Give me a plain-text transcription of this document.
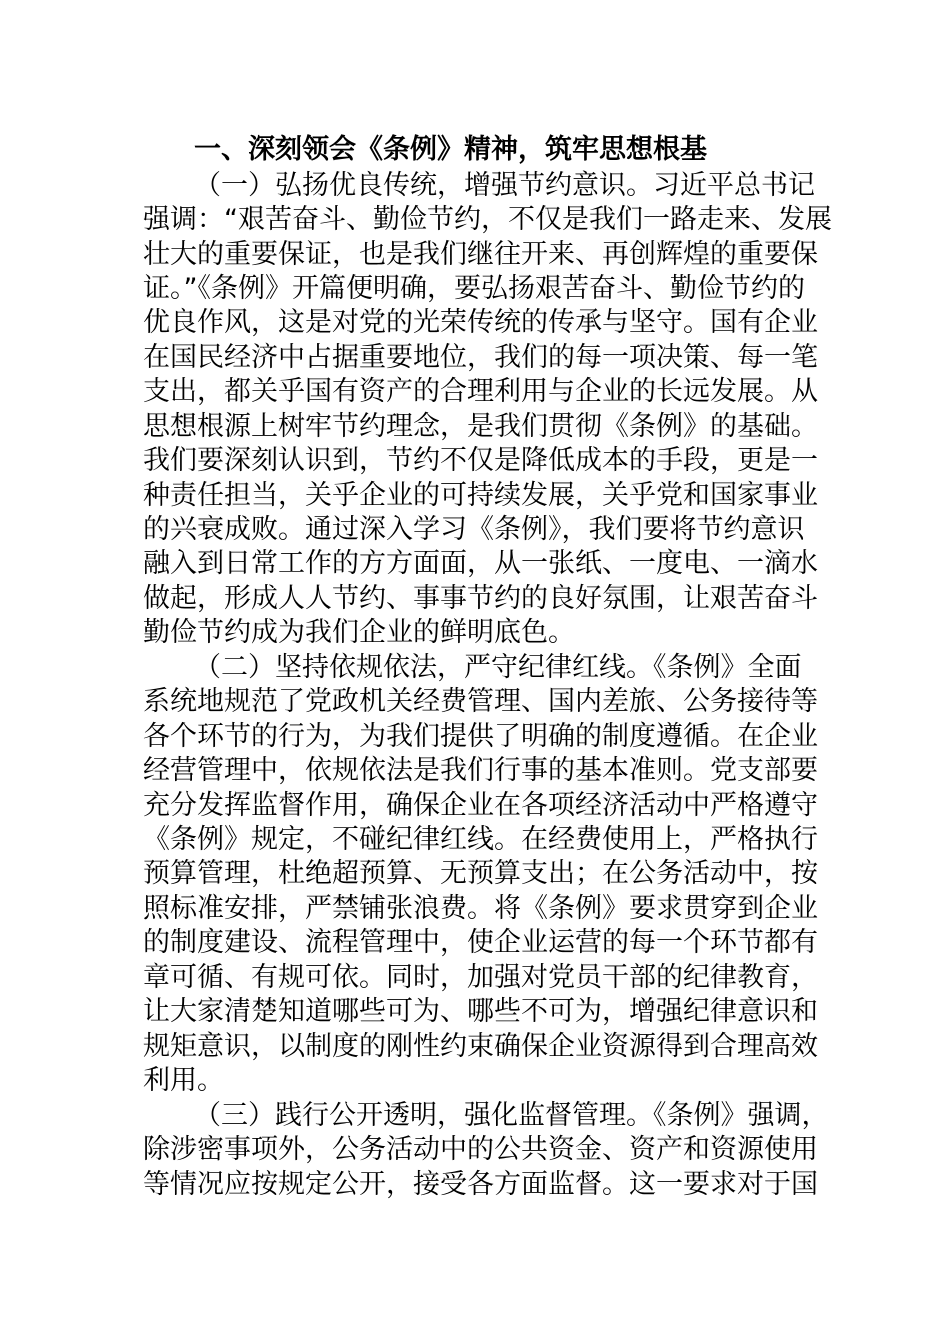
一、深刻领会《条例》精神，筑牢思想根基
（一）弘扬优良传统，增强节约意识。习近平总书记
强调：“艰苦奋斗、勤俭节约，不仅是我们一路走来、发展
壮大的重要保证，也是我们继往开来、再创辉煌的重要保
证。”《条例》开篇便明确，要弘扬艰苦奋斗、勤俭节约的
优良作风，这是对党的光荣传统的传承与坚守。国有企业
在国民经济中占据重要地位，我们的每一项决策、每一笔
支出，都关乎国有资产的合理利用与企业的长远发展。从
思想根源上树牢节约理念，是我们贯彻《条例》的基础。
我们要深刻认识到，节约不仅是降低成本的手段，更是一
种责任担当，关乎企业的可持续发展，关乎党和国家事业
的兴衰成败。通过深入学习《条例》，我们要将节约意识
融入到日常工作的方方面面，从一张纸、一度电、一滴水
做起，形成人人节约、事事节约的良好氛围，让艰苦奋斗
勤俭节约成为我们企业的鲜明底色。
（二）坚持依规依法，严守纪律红线。《条例》全面
系统地规范了党政机关经费管理、国内差旅、公务接待等
各个环节的行为，为我们提供了明确的制度遵循。在企业
经营管理中，依规依法是我们行事的基本准则。党支部要
充分发挥监督作用，确保企业在各项经济活动中严格遵守
《条例》规定，不碰纪律红线。在经费使用上，严格执行
预算管理，杜绝超预算、无预算支出；在公务活动中，按
照标准安排，严禁铺张浪费。将《条例》要求贯穿到企业
的制度建设、流程管理中，使企业运营的每一个环节都有
章可循、有规可依。同时，加强对党员干部的纪律教育，
让大家清楚知道哪些可为、哪些不可为，增强纪律意识和
规矩意识，以制度的刚性约束确保企业资源得到合理高效
利用。
（三）践行公开透明，强化监督管理。《条例》强调，
除涉密事项外，公务活动中的公共资金、资产和资源使用
等情况应按规定公开，接受各方面监督。这一要求对于国
